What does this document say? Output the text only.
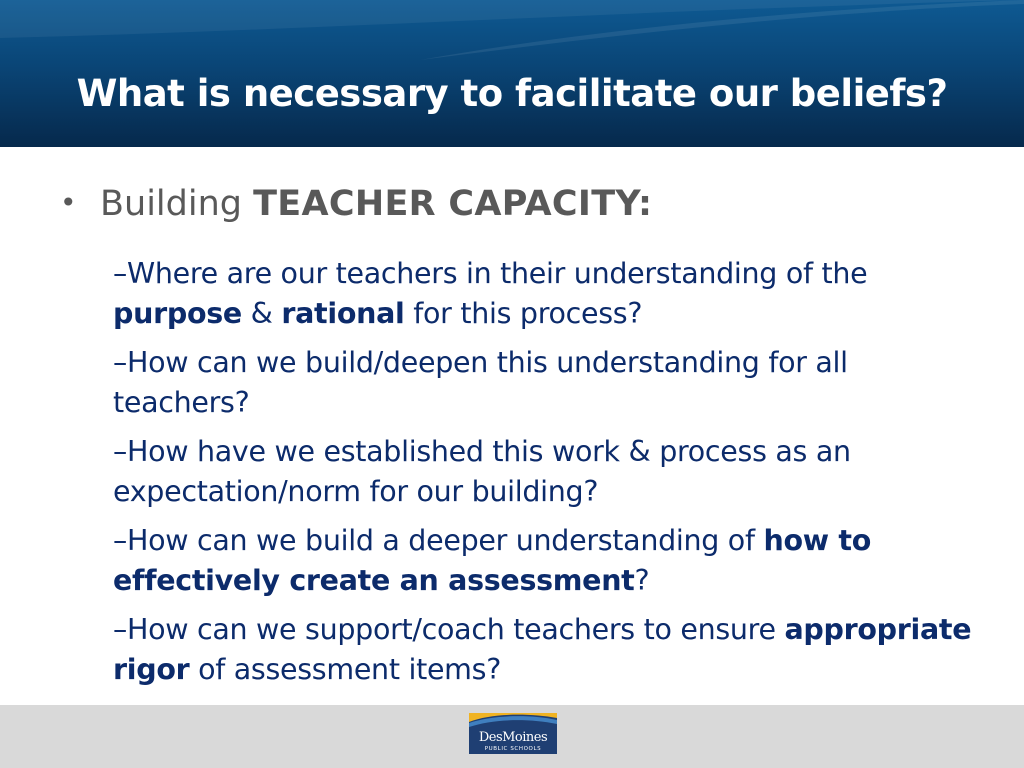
What is necessary to facilitate our beliefs?
• Building TEACHER CAPACITY:

–Where are our teachers in their understanding of the purpose & rational for this process?

–How can we build/deepen this understanding for all teachers?

–How have we established this work & process as an expectation/norm for our building?

–How can we build a deeper understanding of how to effectively create an assessment?

–How can we support/coach teachers to ensure appropriate rigor of assessment items?

DesMoines
PUBLIC SCHOOLS
